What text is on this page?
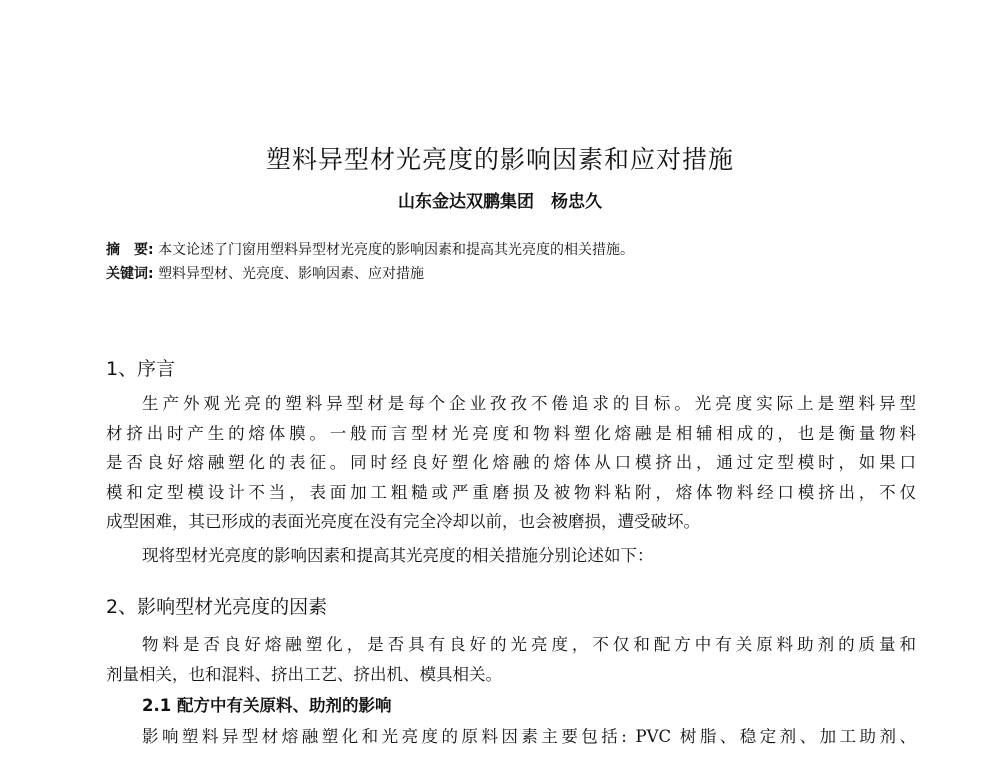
塑料异型材光亮度的影响因素和应对措施
山东金达双鹏集团　杨忠久
摘　要: 本文论述了门窗用塑料异型材光亮度的影响因素和提高其光亮度的相关措施。
关键词: 塑料异型材、光亮度、影响因素、应对措施
1、序言
生产外观光亮的塑料异型材是每个企业孜孜不倦追求的目标。光亮度实际上是塑料异型
材挤出时产生的熔体膜。一般而言型材光亮度和物料塑化熔融是相辅相成的，也是衡量物料
是否良好熔融塑化的表征。同时经良好塑化熔融的熔体从口模挤出，通过定型模时，如果口
模和定型模设计不当，表面加工粗糙或严重磨损及被物料粘附，熔体物料经口模挤出，不仅
成型困难，其已形成的表面光亮度在没有完全冷却以前，也会被磨损，遭受破坏。
现将型材光亮度的影响因素和提高其光亮度的相关措施分别论述如下：
2、影响型材光亮度的因素
物料是否良好熔融塑化，是否具有良好的光亮度，不仅和配方中有关原料助剂的质量和
剂量相关，也和混料、挤出工艺、挤出机、模具相关。
2.1 配方中有关原料、助剂的影响
影响塑料异型材熔融塑化和光亮度的原料因素主要包括: PVC 树脂、稳定剂、加工助剂、
